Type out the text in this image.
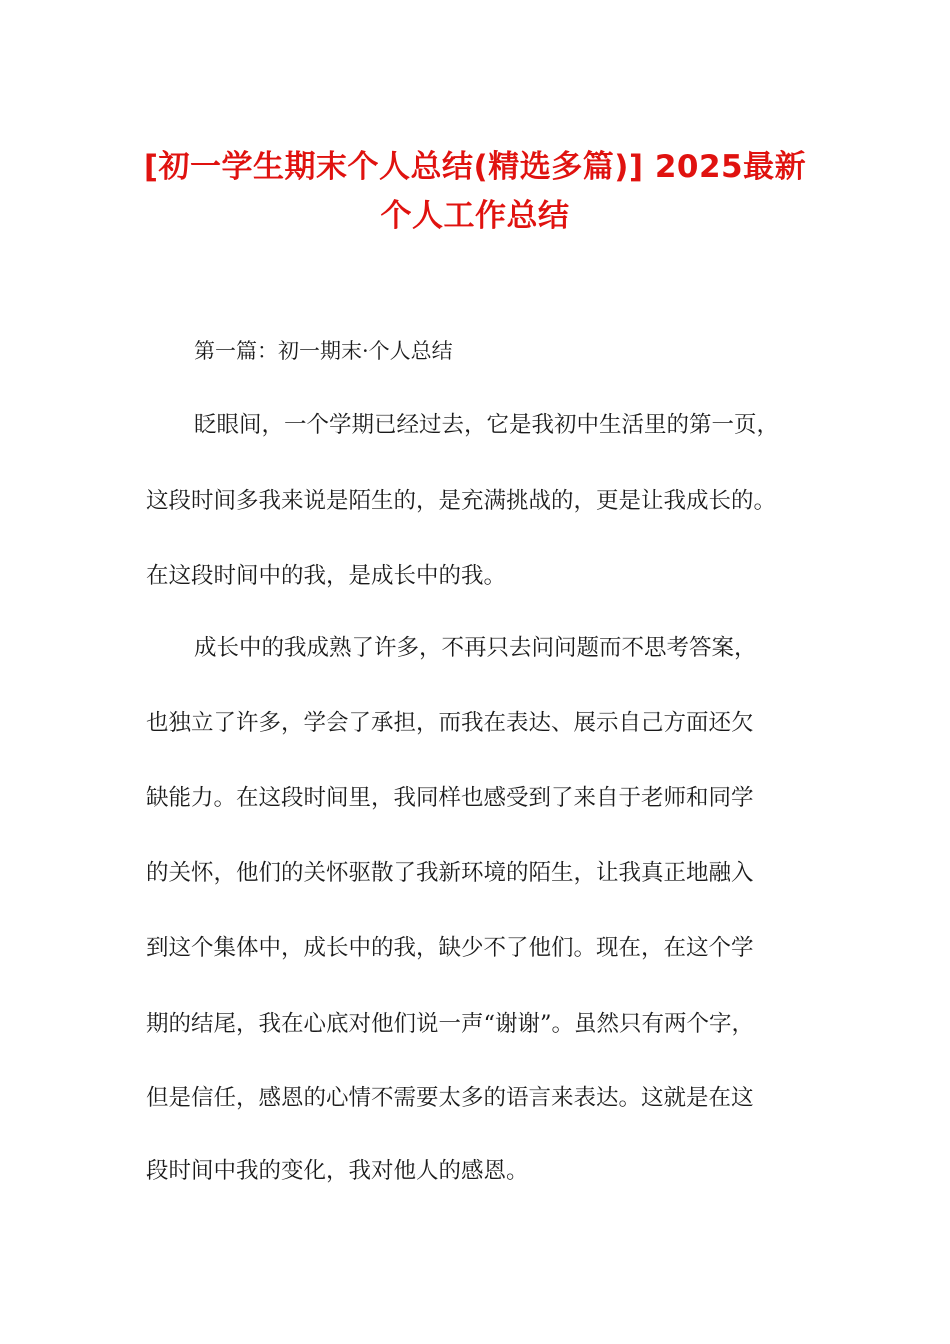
[初一学生期末个人总结(精选多篇)] 2025最新个人工作总结

第一篇：初一期末·个人总结

眨眼间，一个学期已经过去，它是我初中生活里的第一页，

这段时间多我来说是陌生的，是充满挑战的，更是让我成长的。

在这段时间中的我，是成长中的我。

成长中的我成熟了许多，不再只去问问题而不思考答案，

也独立了许多，学会了承担，而我在表达、展示自己方面还欠

缺能力。在这段时间里，我同样也感受到了来自于老师和同学

的关怀，他们的关怀驱散了我新环境的陌生，让我真正地融入

到这个集体中，成长中的我，缺少不了他们。现在，在这个学

期的结尾，我在心底对他们说一声“谢谢”。虽然只有两个字，

但是信任，感恩的心情不需要太多的语言来表达。这就是在这

段时间中我的变化，我对他人的感恩。
